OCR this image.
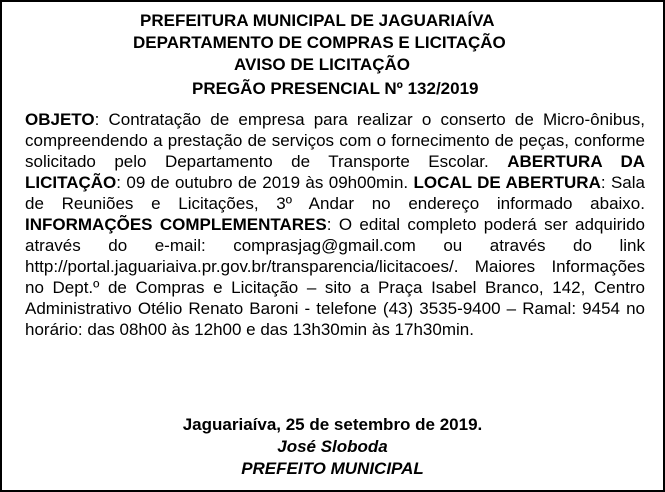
PREFEITURA MUNICIPAL DE JAGUARIAÍVA
DEPARTAMENTO DE COMPRAS E LICITAÇÃO
AVISO DE LICITAÇÃO
PREGÃO PRESENCIAL Nº 132/2019
OBJETO: Contratação de empresa para realizar o conserto de Micro-ônibus, compreendendo a prestação de serviços com o fornecimento de peças, conforme solicitado pelo Departamento de Transporte Escolar. ABERTURA DA LICITAÇÃO: 09 de outubro de 2019 às 09h00min. LOCAL DE ABERTURA: Sala de Reuniões e Licitações, 3º Andar no endereço informado abaixo. INFORMAÇÕES COMPLEMENTARES: O edital completo poderá ser adquirido através do e-mail: comprasjag@gmail.com ou através do link http://portal.jaguariaiva.pr.gov.br/transparencia/licitacoes/. Maiores Informações no Dept.º de Compras e Licitação – sito a Praça Isabel Branco, 142, Centro Administrativo Otélio Renato Baroni - telefone (43) 3535-9400 – Ramal: 9454 no horário: das 08h00 às 12h00 e das 13h30min às 17h30min.
Jaguariaíva, 25 de setembro de 2019.
José Sloboda
PREFEITO MUNICIPAL
